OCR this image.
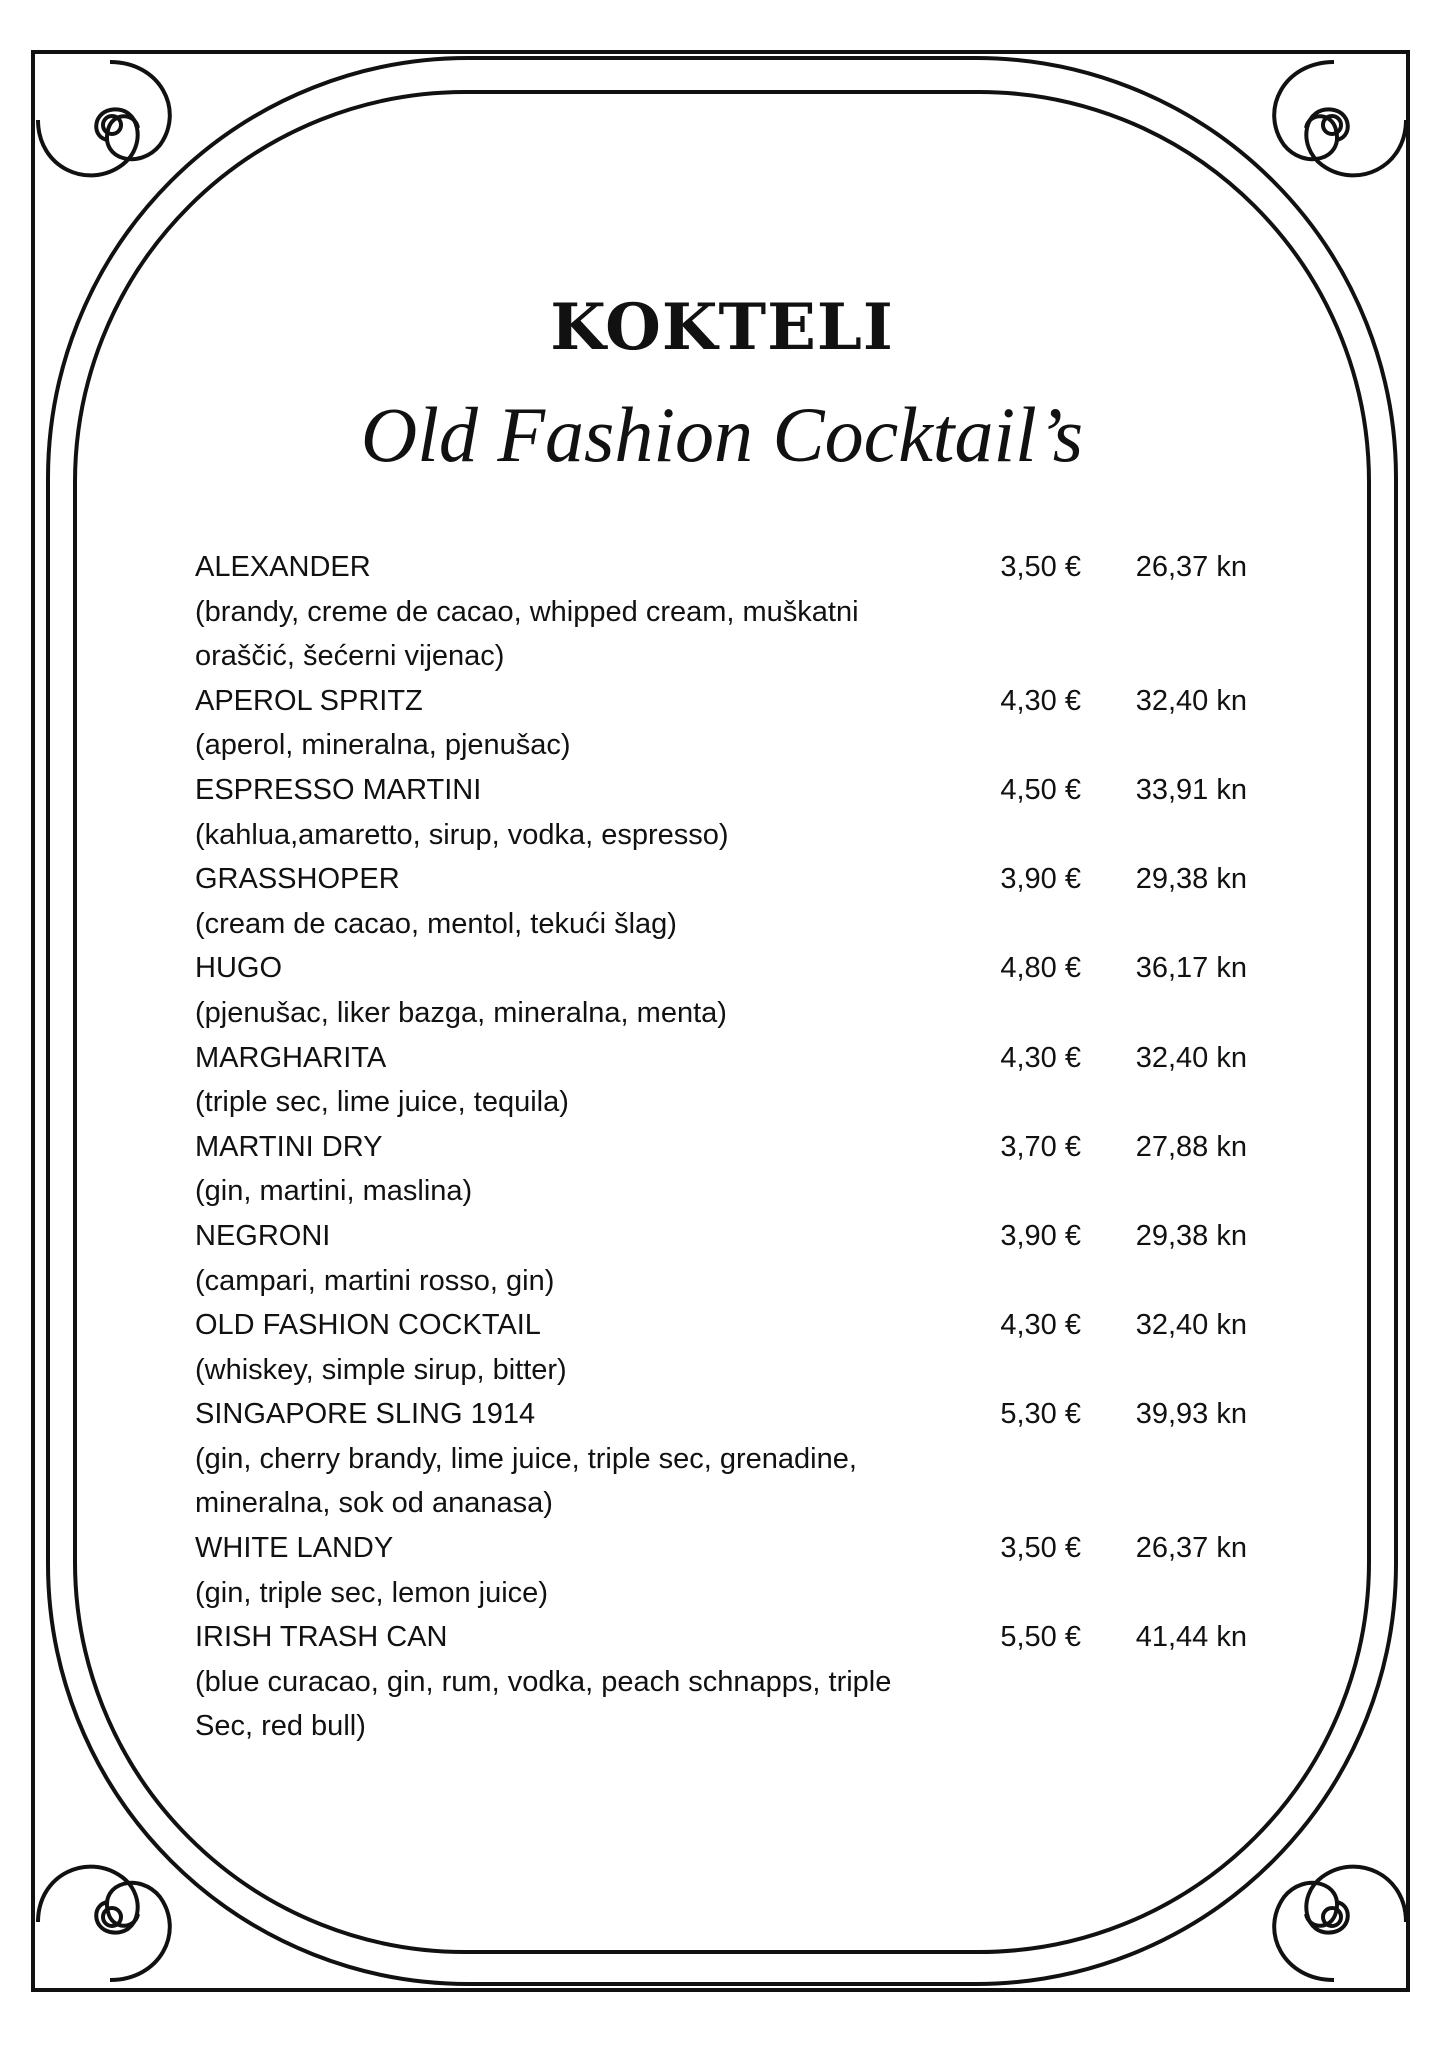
KOKTELI
Old Fashion Cocktail’s
ALEXANDER
(brandy, creme de cacao, whipped cream, muškatni oraščić, šećerni vijenac)
3,50 € 26,37 kn
APEROL SPRITZ
(aperol, mineralna, pjenušac)
4,30 € 32,40 kn
ESPRESSO MARTINI
(kahlua,amaretto, sirup, vodka, espresso)
4,50 € 33,91 kn
GRASSHOPER
(cream de cacao, mentol, tekući šlag)
3,90 € 29,38 kn
HUGO
(pjenušac, liker bazga, mineralna, menta)
4,80 € 36,17 kn
MARGHARITA
(triple sec, lime juice, tequila)
4,30 € 32,40 kn
MARTINI DRY
(gin, martini, maslina)
3,70 € 27,88 kn
NEGRONI
(campari, martini rosso, gin)
3,90 € 29,38 kn
OLD FASHION COCKTAIL
(whiskey, simple sirup, bitter)
4,30 € 32,40 kn
SINGAPORE SLING 1914
(gin, cherry brandy, lime juice, triple sec, grenadine, mineralna, sok od ananasa)
5,30 € 39,93 kn
WHITE LANDY
(gin, triple sec, lemon juice)
3,50 € 26,37 kn
IRISH TRASH CAN
(blue curacao, gin, rum, vodka, peach schnapps, triple Sec, red bull)
5,50 € 41,44 kn
